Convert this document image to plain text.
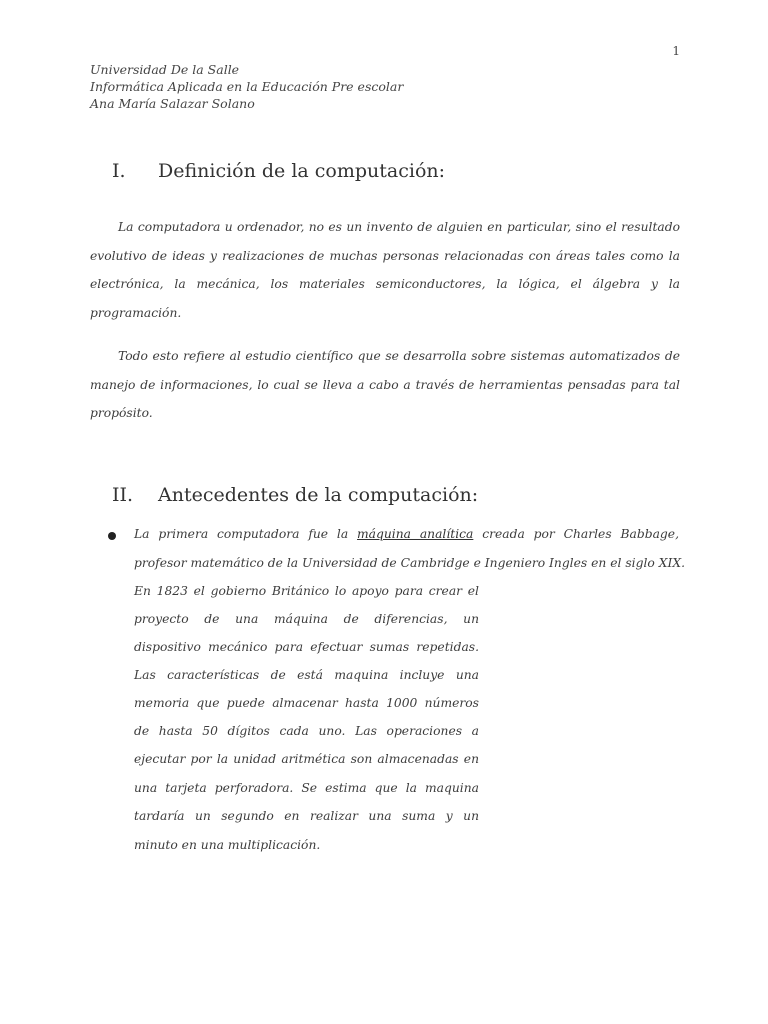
1
Universidad De la Salle
Informática Aplicada en la Educación Pre escolar
Ana María Salazar Solano
I. Definición de la computación:

La computadora u ordenador, no es un invento de alguien en particular, sino el resultado evolutivo de ideas y realizaciones de muchas personas relacionadas con áreas tales como la electrónica, la mecánica, los materiales semiconductores, la lógica, el álgebra y la programación.

Todo esto refiere al estudio científico que se desarrolla sobre sistemas automatizados de manejo de informaciones, lo cual se lleva a cabo a través de herramientas pensadas para tal propósito.

II. Antecedentes de la computación:
La primera computadora fue la máquina analítica creada por Charles Babbage,
profesor matemático de la Universidad de Cambridge e Ingeniero Ingles en el siglo XIX.
En 1823 el gobierno Británico lo apoyo para crear el
proyecto de una máquina de diferencias, un
dispositivo mecánico para efectuar sumas repetidas.
Las características de está maquina incluye una
memoria que puede almacenar hasta 1000 números
de hasta 50 dígitos cada uno. Las operaciones a
ejecutar por la unidad aritmética son almacenadas en
una tarjeta perforadora. Se estima que la maquina
tardaría un segundo en realizar una suma y un
minuto en una multiplicación.
